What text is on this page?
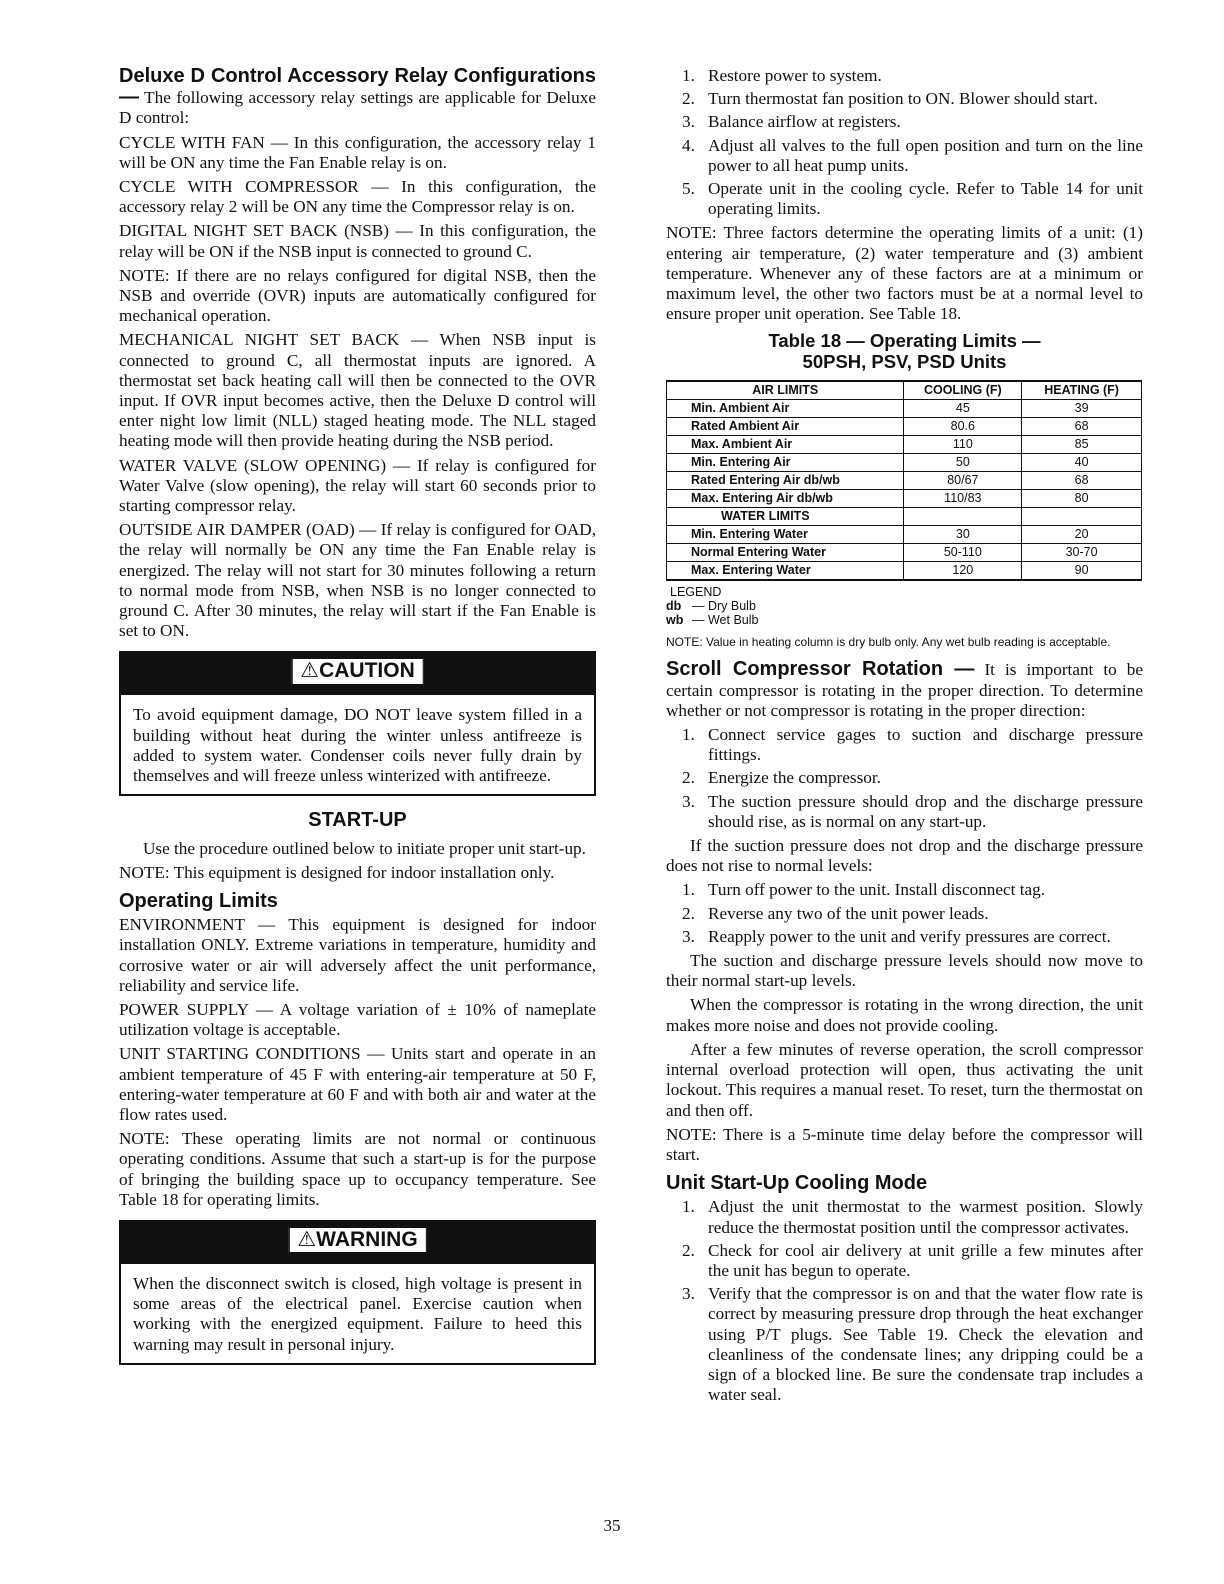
Deluxe D Control Accessory Relay Configurations — The following accessory relay settings are applicable for Deluxe D control:

CYCLE WITH FAN — In this configuration, the accessory relay 1 will be ON any time the Fan Enable relay is on.

CYCLE WITH COMPRESSOR — In this configuration, the accessory relay 2 will be ON any time the Compressor relay is on.

DIGITAL NIGHT SET BACK (NSB) — In this configuration, the relay will be ON if the NSB input is connected to ground C.

NOTE: If there are no relays configured for digital NSB, then the NSB and override (OVR) inputs are automatically configured for mechanical operation.

MECHANICAL NIGHT SET BACK — When NSB input is connected to ground C, all thermostat inputs are ignored. A thermostat set back heating call will then be connected to the OVR input. If OVR input becomes active, then the Deluxe D control will enter night low limit (NLL) staged heating mode. The NLL staged heating mode will then provide heating during the NSB period.

WATER VALVE (SLOW OPENING) — If relay is configured for Water Valve (slow opening), the relay will start 60 seconds prior to starting compressor relay.

OUTSIDE AIR DAMPER (OAD) — If relay is configured for OAD, the relay will normally be ON any time the Fan Enable relay is energized. The relay will not start for 30 minutes following a return to normal mode from NSB, when NSB is no longer connected to ground C. After 30 minutes, the relay will start if the Fan Enable is set to ON.

⚠CAUTION

To avoid equipment damage, DO NOT leave system filled in a building without heat during the winter unless antifreeze is added to system water. Condenser coils never fully drain by themselves and will freeze unless winterized with antifreeze.

START-UP

Use the procedure outlined below to initiate proper unit start-up.

NOTE: This equipment is designed for indoor installation only.

Operating Limits

ENVIRONMENT — This equipment is designed for indoor installation ONLY. Extreme variations in temperature, humidity and corrosive water or air will adversely affect the unit performance, reliability and service life.

POWER SUPPLY — A voltage variation of ± 10% of nameplate utilization voltage is acceptable.

UNIT STARTING CONDITIONS — Units start and operate in an ambient temperature of 45 F with entering-air temperature at 50 F, entering-water temperature at 60 F and with both air and water at the flow rates used.

NOTE: These operating limits are not normal or continuous operating conditions. Assume that such a start-up is for the purpose of bringing the building space up to occupancy temperature. See Table 18 for operating limits.

⚠WARNING

When the disconnect switch is closed, high voltage is present in some areas of the electrical panel. Exercise caution when working with the energized equipment. Failure to heed this warning may result in personal injury.

1. Restore power to system.
2. Turn thermostat fan position to ON. Blower should start.
3. Balance airflow at registers.
4. Adjust all valves to the full open position and turn on the line power to all heat pump units.
5. Operate unit in the cooling cycle. Refer to Table 14 for unit operating limits.

NOTE: Three factors determine the operating limits of a unit: (1) entering air temperature, (2) water temperature and (3) ambient temperature. Whenever any of these factors are at a minimum or maximum level, the other two factors must be at a normal level to ensure proper unit operation. See Table 18.

Table 18 — Operating Limits —
50PSH, PSV, PSD Units
AIR LIMITS	COOLING (F)	HEATING (F)
Min. Ambient Air	45	39
Rated Ambient Air	80.6	68
Max. Ambient Air	110	85
Min. Entering Air	50	40
Rated Entering Air db/wb	80/67	68
Max. Entering Air db/wb	110/83	80
WATER LIMITS		
Min. Entering Water	30	20
Normal Entering Water	50-110	30-70
Max. Entering Water	120	90
LEGEND
db — Dry Bulb
wb — Wet Bulb
NOTE: Value in heating column is dry bulb only. Any wet bulb reading is acceptable.

Scroll Compressor Rotation — It is important to be certain compressor is rotating in the proper direction. To determine whether or not compressor is rotating in the proper direction:

1. Connect service gages to suction and discharge pressure fittings.
2. Energize the compressor.
3. The suction pressure should drop and the discharge pressure should rise, as is normal on any start-up.

If the suction pressure does not drop and the discharge pressure does not rise to normal levels:

1. Turn off power to the unit. Install disconnect tag.
2. Reverse any two of the unit power leads.
3. Reapply power to the unit and verify pressures are correct.

The suction and discharge pressure levels should now move to their normal start-up levels.

When the compressor is rotating in the wrong direction, the unit makes more noise and does not provide cooling.

After a few minutes of reverse operation, the scroll compressor internal overload protection will open, thus activating the unit lockout. This requires a manual reset. To reset, turn the thermostat on and then off.

NOTE: There is a 5-minute time delay before the compressor will start.

Unit Start-Up Cooling Mode
1. Adjust the unit thermostat to the warmest position. Slowly reduce the thermostat position until the compressor activates.
2. Check for cool air delivery at unit grille a few minutes after the unit has begun to operate.
3. Verify that the compressor is on and that the water flow rate is correct by measuring pressure drop through the heat exchanger using P/T plugs. See Table 19. Check the elevation and cleanliness of the condensate lines; any dripping could be a sign of a blocked line. Be sure the condensate trap includes a water seal.
35
